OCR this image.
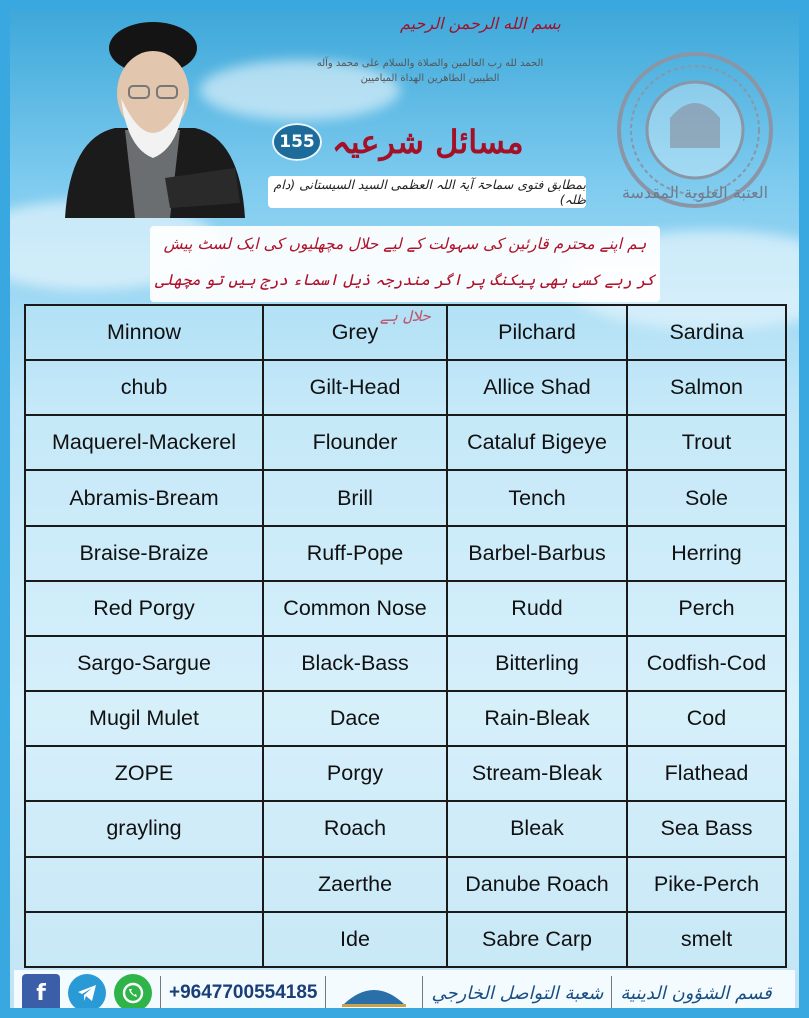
بسم الله الرحمن الرحيم
الحمد لله رب العالمين والصلاة والسلام على محمد وآله الطيبين الطاهرين الهداة المياميين
155 مسائل شرعیہ
بمطابق فتوی سماحۃ آیۃ اللہ العظمی السید السیستانی (دام ظلہ) العتبة العلوية المقدسة
ہم اپنے محترم قارئین کی سہولت کے لیے حلال مچھلیوں کی ایک لسٹ پیش
کر رہے کسی بھی پیکنگ پر اگر مندرجہ ذیل اسماء درج ہیں تو مچھلی حلال ہے
Minnow	Grey	Pilchard	Sardina
chub	Gilt-Head	Allice Shad	Salmon
Maquerel-Mackerel	Flounder	Cataluf Bigeye	Trout
Abramis-Bream	Brill	Tench	Sole
Braise-Braize	Ruff-Pope	Barbel-Barbus	Herring
Red Porgy	Common Nose	Rudd	Perch
Sargo-Sargue	Black-Bass	Bitterling	Codfish-Cod
Mugil Mulet	Dace	Rain-Bleak	Cod
ZOPE	Porgy	Stream-Bleak	Flathead
grayling	Roach	Bleak	Sea Bass
	Zaerthe	Danube Roach	Pike-Perch
	Ide	Sabre Carp	smelt
f	+9647700554185	شعبة التواصل الخارجي قسم الشؤون الدينية
